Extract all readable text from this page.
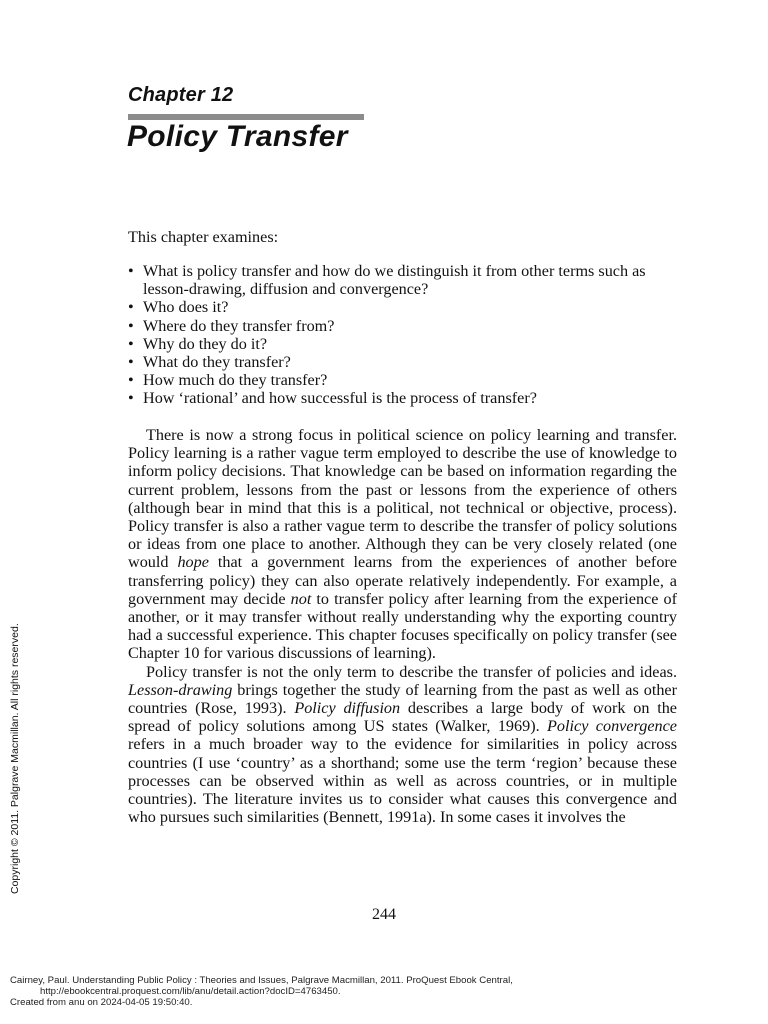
Chapter 12
Policy Transfer
This chapter examines:
• What is policy transfer and how do we distinguish it from other terms such as lesson-drawing, diffusion and convergence?
• Who does it?
• Where do they transfer from?
• Why do they do it?
• What do they transfer?
• How much do they transfer?
• How ‘rational’ and how successful is the process of transfer?

There is now a strong focus in political science on policy learning and transfer. Policy learning is a rather vague term employed to describe the use of knowledge to inform policy decisions. That knowledge can be based on information regarding the current problem, lessons from the past or lessons from the experience of others (although bear in mind that this is a political, not technical or objective, process). Policy transfer is also a rather vague term to describe the transfer of policy solutions or ideas from one place to another. Although they can be very closely related (one would hope that a government learns from the experiences of another before transferring policy) they can also operate relatively independently. For example, a government may decide not to transfer policy after learning from the experience of another, or it may transfer without really understanding why the exporting country had a successful experience. This chapter focuses specifically on policy transfer (see Chapter 10 for various discussions of learning).

Policy transfer is not the only term to describe the transfer of policies and ideas. Lesson-drawing brings together the study of learning from the past as well as other countries (Rose, 1993). Policy diffusion describes a large body of work on the spread of policy solutions among US states (Walker, 1969). Policy convergence refers in a much broader way to the evidence for similarities in policy across countries (I use ‘country’ as a shorthand; some use the term ‘region’ because these processes can be observed within as well as across countries, or in multiple countries). The literature invites us to consider what causes this convergence and who pursues such similarities (Bennett, 1991a). In some cases it involves the

244
Copyright © 2011. Palgrave Macmillan. All rights reserved.
Cairney, Paul. Understanding Public Policy : Theories and Issues, Palgrave Macmillan, 2011. ProQuest Ebook Central,
http://ebookcentral.proquest.com/lib/anu/detail.action?docID=4763450.
Created from anu on 2024-04-05 19:50:40.
